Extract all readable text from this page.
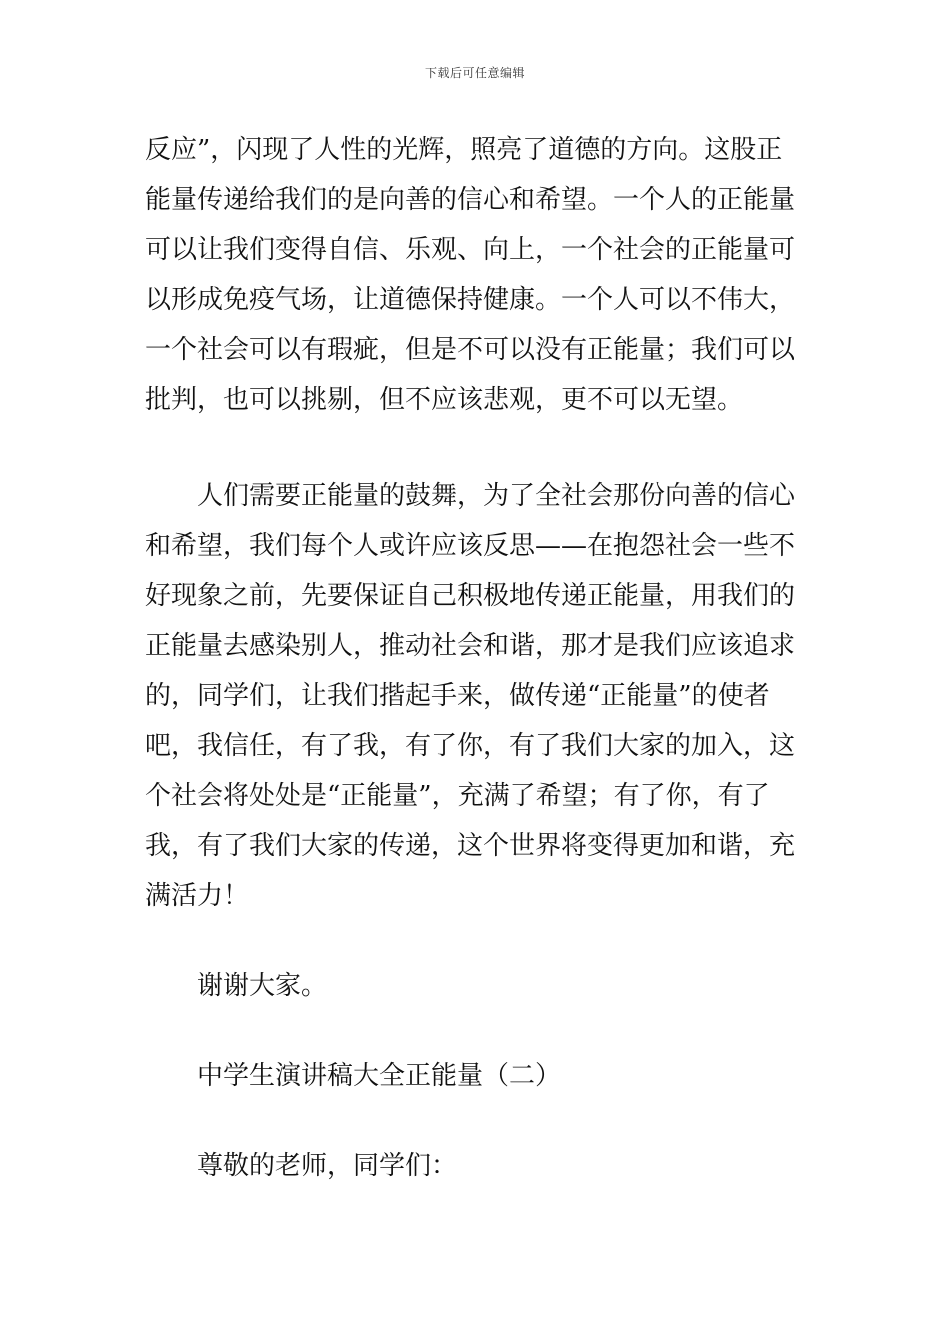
下载后可任意编辑
反应”，闪现了人性的光辉，照亮了道德的方向。这股正
能量传递给我们的是向善的信心和希望。一个人的正能量
可以让我们变得自信、乐观、向上，一个社会的正能量可
以形成免疫气场，让道德保持健康。一个人可以不伟大，
一个社会可以有瑕疵，但是不可以没有正能量；我们可以
批判，也可以挑剔，但不应该悲观，更不可以无望。
人们需要正能量的鼓舞，为了全社会那份向善的信心
和希望，我们每个人或许应该反思——在抱怨社会一些不
好现象之前，先要保证自己积极地传递正能量，用我们的
正能量去感染别人，推动社会和谐，那才是我们应该追求
的，同学们，让我们揩起手来，做传递“正能量”的使者
吧，我信任，有了我，有了你，有了我们大家的加入，这
个社会将处处是“正能量”，充满了希望；有了你，有了
我，有了我们大家的传递，这个世界将变得更加和谐，充
满活力！
谢谢大家。
中学生演讲稿大全正能量（二）
尊敬的老师，同学们：
